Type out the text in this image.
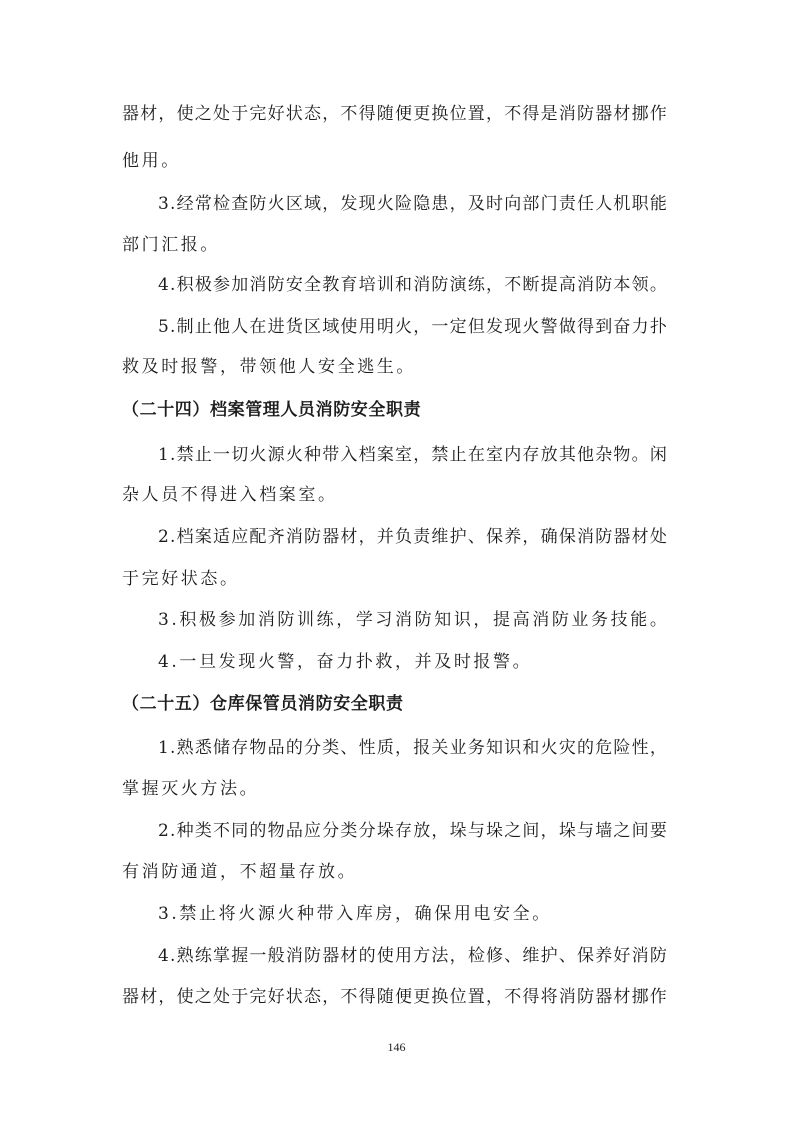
器材，使之处于完好状态，不得随便更换位置，不得是消防器材挪作
他用。
3.经常检查防火区域，发现火险隐患，及时向部门责任人机职能
部门汇报。
4.积极参加消防安全教育培训和消防演练，不断提高消防本领。
5.制止他人在进货区域使用明火，一定但发现火警做得到奋力扑
救及时报警，带领他人安全逃生。
（二十四）档案管理人员消防安全职责
1.禁止一切火源火种带入档案室，禁止在室内存放其他杂物。闲
杂人员不得进入档案室。
2.档案适应配齐消防器材，并负责维护、保养，确保消防器材处
于完好状态。
3.积极参加消防训练，学习消防知识，提高消防业务技能。
4.一旦发现火警，奋力扑救，并及时报警。
（二十五）仓库保管员消防安全职责
1.熟悉储存物品的分类、性质，报关业务知识和火灾的危险性，
掌握灭火方法。
2.种类不同的物品应分类分垛存放，垛与垛之间，垛与墙之间要
有消防通道，不超量存放。
3.禁止将火源火种带入库房，确保用电安全。
4.熟练掌握一般消防器材的使用方法，检修、维护、保养好消防
器材，使之处于完好状态，不得随便更换位置，不得将消防器材挪作
146
